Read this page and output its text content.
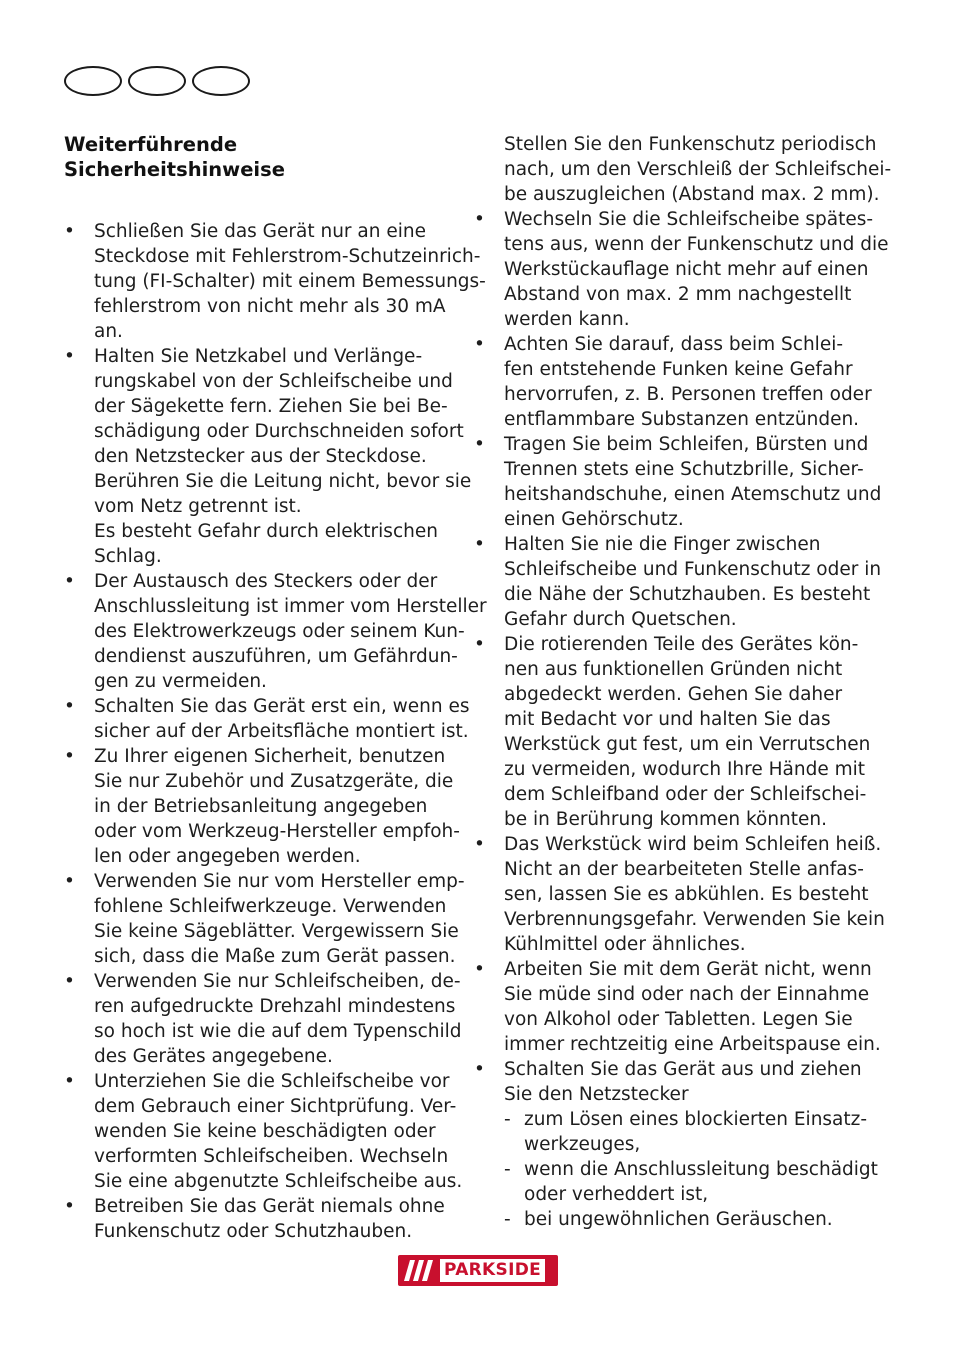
Weiterführende
Sicherheitshinweise
• Schließen Sie das Gerät nur an eine
Steckdose mit Fehlerstrom-Schutzeinrich-
tung (FI-Schalter) mit einem Bemessungs-
fehlerstrom von nicht mehr als 30 mA
an.
• Halten Sie Netzkabel und Verlänge-
rungskabel von der Schleifscheibe und
der Sägekette fern. Ziehen Sie bei Be-
schädigung oder Durchschneiden sofort
den Netzstecker aus der Steckdose.
Berühren Sie die Leitung nicht, bevor sie
vom Netz getrennt ist.
Es besteht Gefahr durch elektrischen
Schlag.
• Der Austausch des Steckers oder der
Anschlussleitung ist immer vom Hersteller
des Elektrowerkzeugs oder seinem Kun-
dendienst auszuführen, um Gefährdun-
gen zu vermeiden.
• Schalten Sie das Gerät erst ein, wenn es
sicher auf der Arbeitsfläche montiert ist.
• Zu Ihrer eigenen Sicherheit, benutzen
Sie nur Zubehör und Zusatzgeräte, die
in der Betriebsanleitung angegeben
oder vom Werkzeug-Hersteller empfoh-
len oder angegeben werden.
• Verwenden Sie nur vom Hersteller emp-
fohlene Schleifwerkzeuge. Verwenden
Sie keine Sägeblätter. Vergewissern Sie
sich, dass die Maße zum Gerät passen.
• Verwenden Sie nur Schleifscheiben, de-
ren aufgedruckte Drehzahl mindestens
so hoch ist wie die auf dem Typenschild
des Gerätes angegebene.
• Unterziehen Sie die Schleifscheibe vor
dem Gebrauch einer Sichtprüfung. Ver-
wenden Sie keine beschädigten oder
verformten Schleifscheiben. Wechseln
Sie eine abgenutzte Schleifscheibe aus.
• Betreiben Sie das Gerät niemals ohne
Funkenschutz oder Schutzhauben.
Stellen Sie den Funkenschutz periodisch
nach, um den Verschleiß der Schleifschei-
be auszugleichen (Abstand max. 2 mm).
• Wechseln Sie die Schleifscheibe spätes-
tens aus, wenn der Funkenschutz und die
Werkstückauflage nicht mehr auf einen
Abstand von max. 2 mm nachgestellt
werden kann.
• Achten Sie darauf, dass beim Schlei-
fen entstehende Funken keine Gefahr
hervorrufen, z. B. Personen treffen oder
entflammbare Substanzen entzünden.
• Tragen Sie beim Schleifen, Bürsten und
Trennen stets eine Schutzbrille, Sicher-
heitshandschuhe, einen Atemschutz und
einen Gehörschutz.
• Halten Sie nie die Finger zwischen
Schleifscheibe und Funkenschutz oder in
die Nähe der Schutzhauben. Es besteht
Gefahr durch Quetschen.
• Die rotierenden Teile des Gerätes kön-
nen aus funktionellen Gründen nicht
abgedeckt werden. Gehen Sie daher
mit Bedacht vor und halten Sie das
Werkstück gut fest, um ein Verrutschen
zu vermeiden, wodurch Ihre Hände mit
dem Schleifband oder der Schleifschei-
be in Berührung kommen könnten.
• Das Werkstück wird beim Schleifen heiß.
Nicht an der bearbeiteten Stelle anfas-
sen, lassen Sie es abkühlen. Es besteht
Verbrennungsgefahr. Verwenden Sie kein
Kühlmittel oder ähnliches.
• Arbeiten Sie mit dem Gerät nicht, wenn
Sie müde sind oder nach der Einnahme
von Alkohol oder Tabletten. Legen Sie
immer rechtzeitig eine Arbeitspause ein.
• Schalten Sie das Gerät aus und ziehen
Sie den Netzstecker
- zum Lösen eines blockierten Einsatz-
werkzeuges,
- wenn die Anschlussleitung beschädigt
oder verheddert ist,
- bei ungewöhnlichen Geräuschen.
PARKSIDE
